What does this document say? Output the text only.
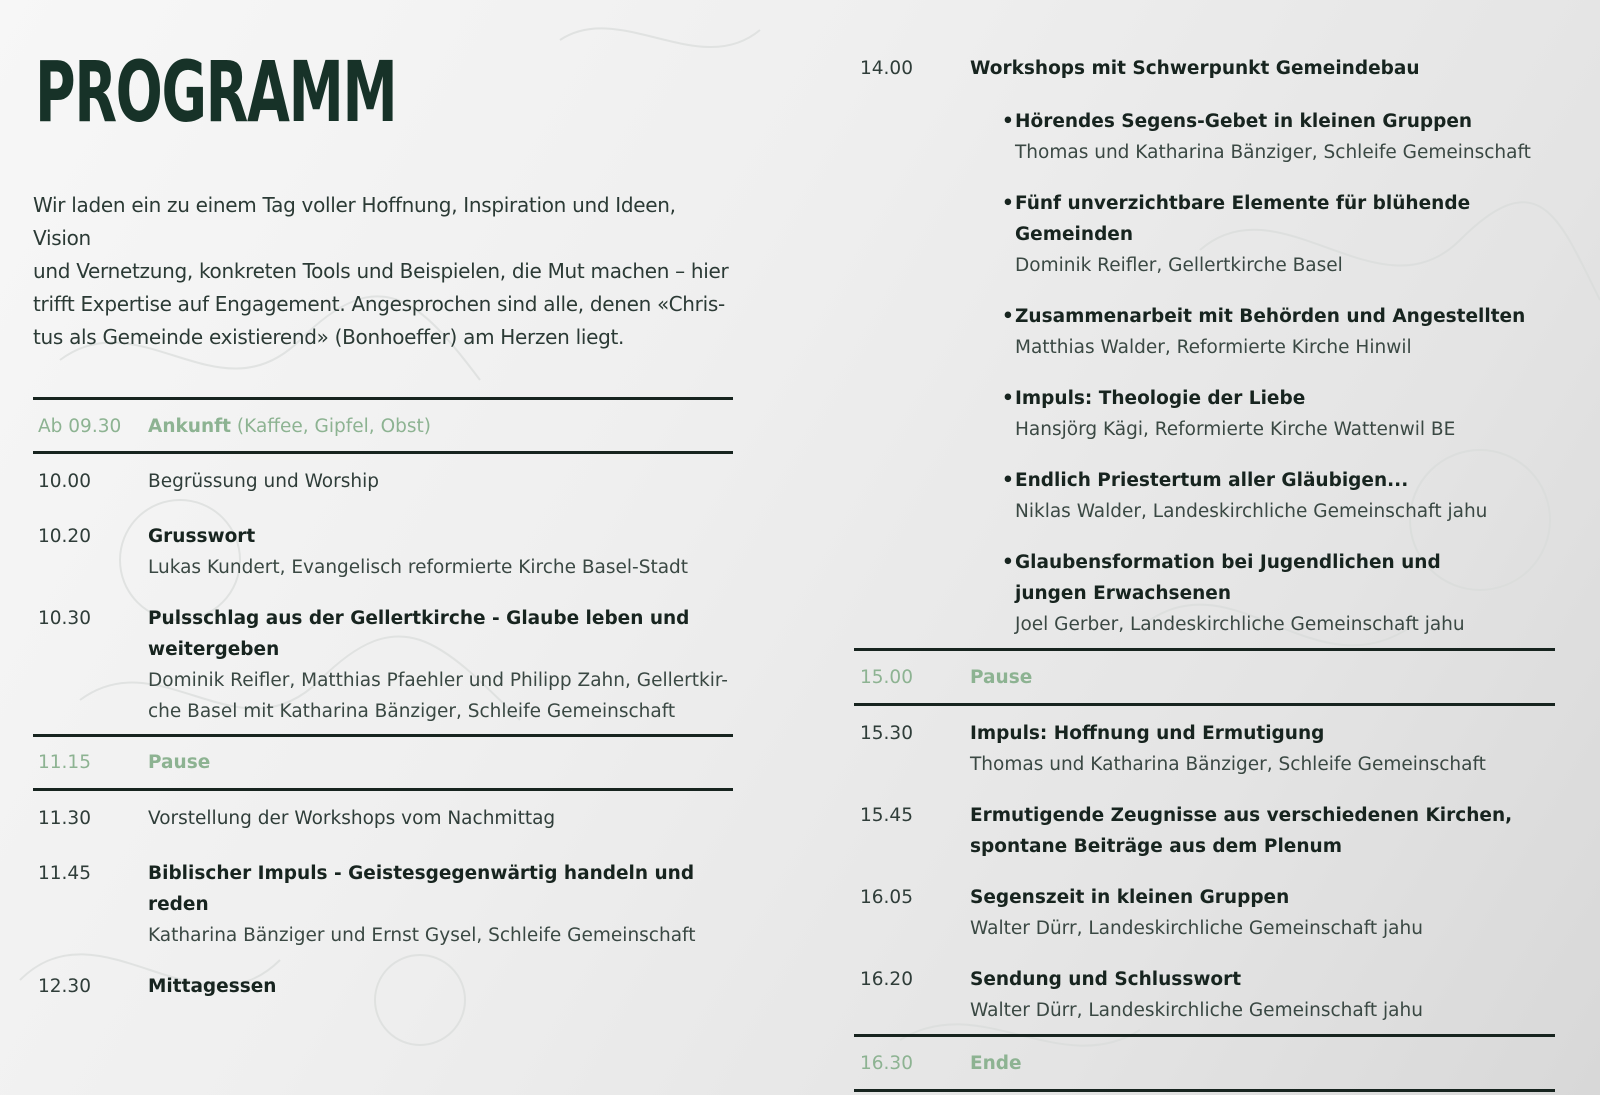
PROGRAMM
Wir laden ein zu einem Tag voller Hoffnung, Inspiration und Ideen, Vision
und Vernetzung, konkreten Tools und Beispielen, die Mut machen – hier
trifft Expertise auf Engagement. Angesprochen sind alle, denen «Chris-
tus als Gemeinde existierend» (Bonhoeffer) am Herzen liegt.
Ab 09.30	Ankunft (Kaffee, Gipfel, Obst)
10.00	Begrüssung und Worship
10.20	Grusswort
Lukas Kundert, Evangelisch reformierte Kirche Basel-Stadt
10.30	Pulsschlag aus der Gellertkirche - Glaube leben und
weitergeben
Dominik Reifler, Matthias Pfaehler und Philipp Zahn, Gellertkir-
che Basel mit Katharina Bänziger, Schleife Gemeinschaft
11.15	Pause
11.30	Vorstellung der Workshops vom Nachmittag
11.45	Biblischer Impuls - Geistesgegenwärtig handeln und reden
Katharina Bänziger und Ernst Gysel, Schleife Gemeinschaft
12.30	Mittagessen
14.00	Workshops mit Schwerpunkt Gemeindebau
• Hörendes Segens-Gebet in kleinen Gruppen
Thomas und Katharina Bänziger, Schleife Gemeinschaft
• Fünf unverzichtbare Elemente für blühende Gemeinden
Dominik Reifler, Gellertkirche Basel
• Zusammenarbeit mit Behörden und Angestellten
Matthias Walder, Reformierte Kirche Hinwil
• Impuls: Theologie der Liebe
Hansjörg Kägi, Reformierte Kirche Wattenwil BE
• Endlich Priestertum aller Gläubigen...
Niklas Walder, Landeskirchliche Gemeinschaft jahu
• Glaubensformation bei Jugendlichen und
jungen Erwachsenen
Joel Gerber, Landeskirchliche Gemeinschaft jahu
15.00	Pause
15.30	Impuls: Hoffnung und Ermutigung
Thomas und Katharina Bänziger, Schleife Gemeinschaft
15.45	Ermutigende Zeugnisse aus verschiedenen Kirchen,
spontane Beiträge aus dem Plenum
16.05	Segenszeit in kleinen Gruppen
Walter Dürr, Landeskirchliche Gemeinschaft jahu
16.20	Sendung und Schlusswort
Walter Dürr, Landeskirchliche Gemeinschaft jahu
16.30	Ende
